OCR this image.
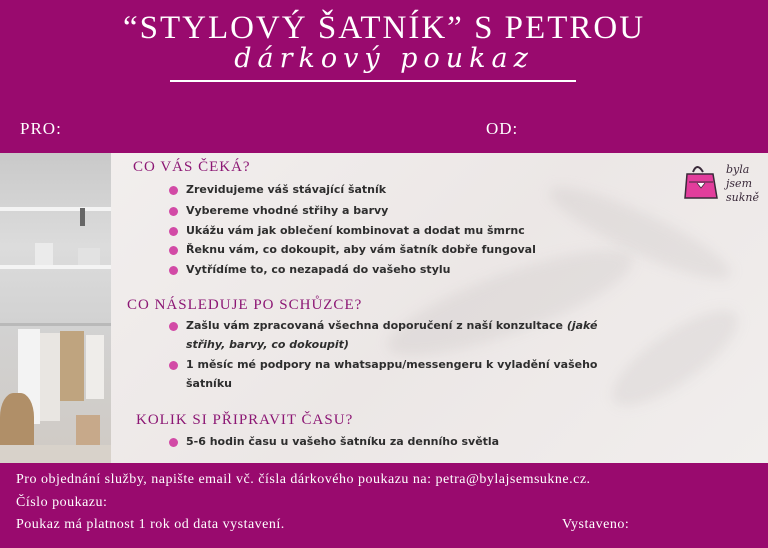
“STYLOVÝ ŠATNÍK” S PETROU
dárkový poukaz
PRO:	OD:
CO VÁS ČEKÁ?
Zrevidujeme váš stávající šatník
Vybereme vhodné střihy a barvy
Ukážu vám jak oblečení kombinovat a dodat mu šmrnc
Řeknu vám, co dokoupit, aby vám šatník dobře fungoval
Vytřídíme to, co nezapadá do vašeho stylu
CO NÁSLEDUJE PO SCHŮZCE?
Zašlu vám zpracovaná všechna doporučení z naší konzultace (jaké
střihy, barvy, co dokoupit)
1 měsíc mé podpory na whatsappu/messengeru k vyladění vašeho
šatníku
KOLIK SI PŘIPRAVIT ČASU?
5-6 hodin času u vašeho šatníku za denního světla
byla
jsem
sukně
Pro objednání služby, napište email vč. čísla dárkového poukazu na: petra@bylajsemsukne.cz.
Číslo poukazu:
Poukaz má platnost 1 rok od data vystavení.	Vystaveno:
